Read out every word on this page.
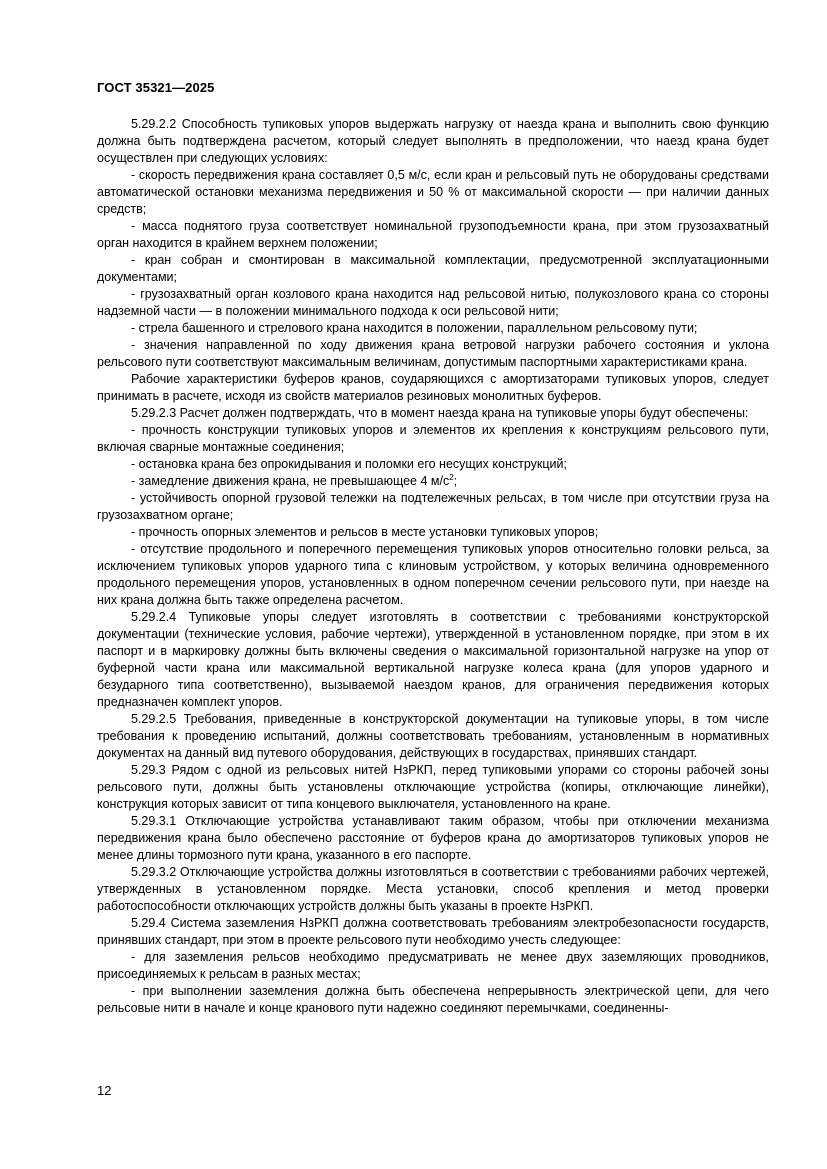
ГОСТ 35321—2025

5.29.2.2 Способность тупиковых упоров выдержать нагрузку от наезда крана и выполнить свою функцию должна быть подтверждена расчетом, который следует выполнять в предположении, что наезд крана будет осуществлен при следующих условиях:

- скорость передвижения крана составляет 0,5 м/с, если кран и рельсовый путь не оборудованы средствами автоматической остановки механизма передвижения и 50 % от максимальной скорости — при наличии данных средств;

- масса поднятого груза соответствует номинальной грузоподъемности крана, при этом грузозахватный орган находится в крайнем верхнем положении;

- кран собран и смонтирован в максимальной комплектации, предусмотренной эксплуатационными документами;

- грузозахватный орган козлового крана находится над рельсовой нитью, полукозлового крана со стороны надземной части — в положении минимального подхода к оси рельсовой нити;

- стрела башенного и стрелового крана находится в положении, параллельном рельсовому пути;

- значения направленной по ходу движения крана ветровой нагрузки рабочего состояния и уклона рельсового пути соответствуют максимальным величинам, допустимым паспортными характеристиками крана.

Рабочие характеристики буферов кранов, соударяющихся с амортизаторами тупиковых упоров, следует принимать в расчете, исходя из свойств материалов резиновых монолитных буферов.

5.29.2.3 Расчет должен подтверждать, что в момент наезда крана на тупиковые упоры будут обеспечены:

- прочность конструкции тупиковых упоров и элементов их крепления к конструкциям рельсового пути, включая сварные монтажные соединения;

- остановка крана без опрокидывания и поломки его несущих конструкций;

- замедление движения крана, не превышающее 4 $м/с^2$;

- устойчивость опорной грузовой тележки на подтележечных рельсах, в том числе при отсутствии груза на грузозахватном органе;

- прочность опорных элементов и рельсов в месте установки тупиковых упоров;

- отсутствие продольного и поперечного перемещения тупиковых упоров относительно головки рельса, за исключением тупиковых упоров ударного типа с клиновым устройством, у которых величина одновременного продольного перемещения упоров, установленных в одном поперечном сечении рельсового пути, при наезде на них крана должна быть также определена расчетом.

5.29.2.4 Тупиковые упоры следует изготовлять в соответствии с требованиями конструкторской документации (технические условия, рабочие чертежи), утвержденной в установленном порядке, при этом в их паспорт и в маркировку должны быть включены сведения о максимальной горизонтальной нагрузке на упор от буферной части крана или максимальной вертикальной нагрузке колеса крана (для упоров ударного и безударного типа соответственно), вызываемой наездом кранов, для ограничения передвижения которых предназначен комплект упоров.

5.29.2.5 Требования, приведенные в конструкторской документации на тупиковые упоры, в том числе требования к проведению испытаний, должны соответствовать требованиям, установленным в нормативных документах на данный вид путевого оборудования, действующих в государствах, принявших стандарт.

5.29.3 Рядом с одной из рельсовых нитей НзРКП, перед тупиковыми упорами со стороны рабочей зоны рельсового пути, должны быть установлены отключающие устройства (копиры, отключающие линейки), конструкция которых зависит от типа концевого выключателя, установленного на кране.

5.29.3.1 Отключающие устройства устанавливают таким образом, чтобы при отключении механизма передвижения крана было обеспечено расстояние от буферов крана до амортизаторов тупиковых упоров не менее длины тормозного пути крана, указанного в его паспорте.

5.29.3.2 Отключающие устройства должны изготовляться в соответствии с требованиями рабочих чертежей, утвержденных в установленном порядке. Места установки, способ крепления и метод проверки работоспособности отключающих устройств должны быть указаны в проекте НзРКП.

5.29.4 Система заземления НзРКП должна соответствовать требованиям электробезопасности государств, принявших стандарт, при этом в проекте рельсового пути необходимо учесть следующее:

- для заземления рельсов необходимо предусматривать не менее двух заземляющих проводников, присоединяемых к рельсам в разных местах;

- при выполнении заземления должна быть обеспечена непрерывность электрической цепи, для чего рельсовые нити в начале и конце кранового пути надежно соединяют перемычками, соединенны-

12
